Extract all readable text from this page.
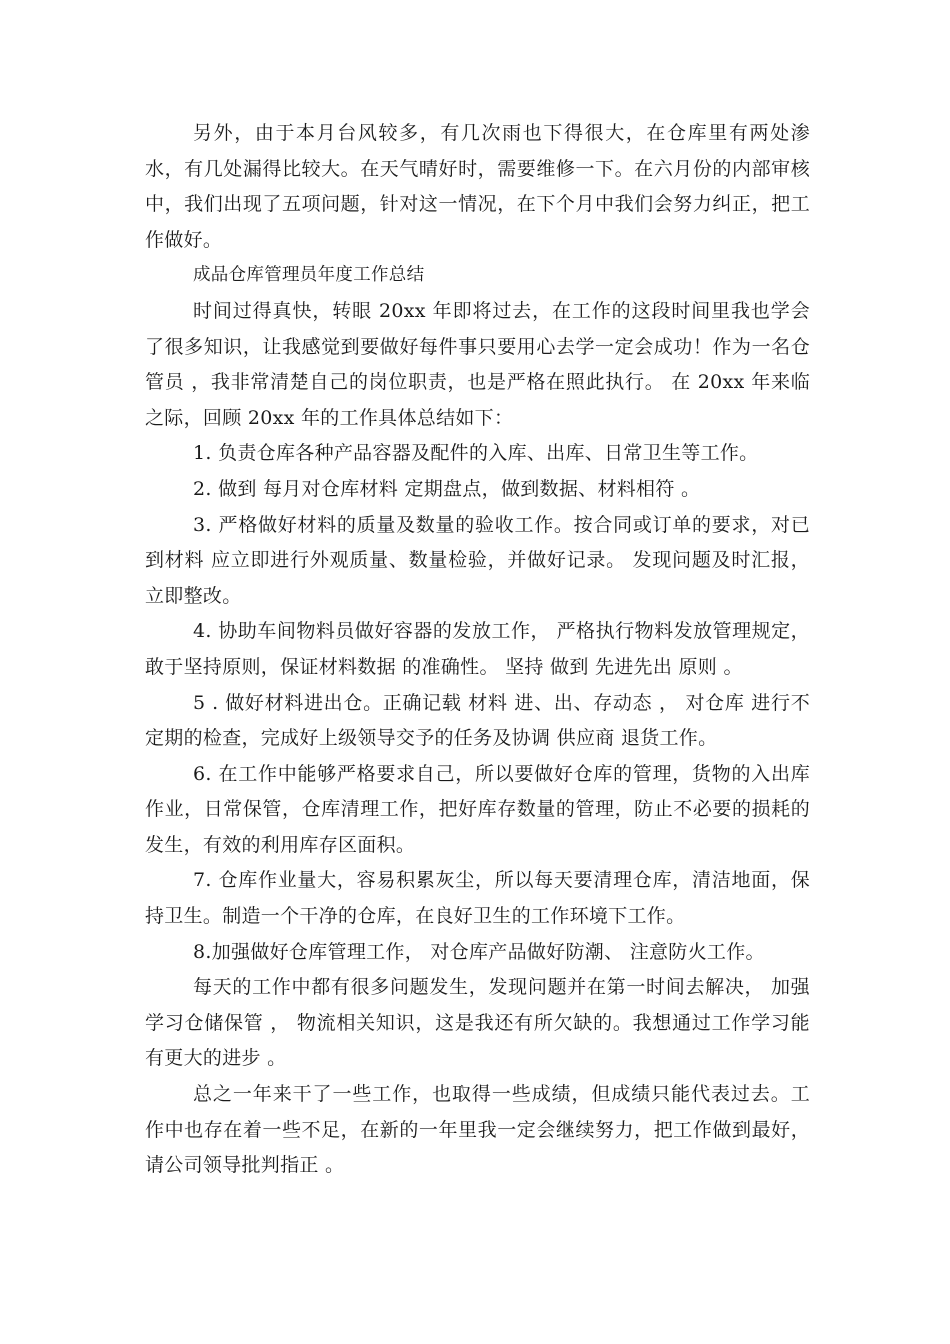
另外，由于本月台风较多，有几次雨也下得很大，在仓库里有两处渗水，有几处漏得比较大。在天气晴好时，需要维修一下。在六月份的内部审核中，我们出现了五项问题，针对这一情况，在下个月中我们会努力纠正，把工作做好。

成品仓库管理员年度工作总结

时间过得真快，转眼 20xx 年即将过去，在工作的这段时间里我也学会了很多知识，让我感觉到要做好每件事只要用心去学一定会成功！作为一名仓管员 ，我非常清楚自己的岗位职责，也是严格在照此执行。 在 20xx 年来临之际，回顾 20xx 年的工作具体总结如下：

1. 负责仓库各种产品容器及配件的入库、出库、日常卫生等工作。

2. 做到 每月对仓库材料 定期盘点，做到数据、材料相符 。

3. 严格做好材料的质量及数量的验收工作。按合同或订单的要求，对已到材料 应立即进行外观质量、数量检验，并做好记录。 发现问题及时汇报，立即整改。

4. 协助车间物料员做好容器的发放工作， 严格执行物料发放管理规定，敢于坚持原则，保证材料数据 的准确性。 坚持 做到 先进先出 原则 。

5 . 做好材料进出仓。正确记载 材料 进、出、存动态 ， 对仓库 进行不定期的检查，完成好上级领导交予的任务及协调 供应商 退货工作。

6. 在工作中能够严格要求自己，所以要做好仓库的管理，货物的入出库作业，日常保管，仓库清理工作，把好库存数量的管理，防止不必要的损耗的发生，有效的利用库存区面积。

7. 仓库作业量大，容易积累灰尘，所以每天要清理仓库，清洁地面，保持卫生。制造一个干净的仓库，在良好卫生的工作环境下工作。

8.加强做好仓库管理工作， 对仓库产品做好防潮、 注意防火工作。

每天的工作中都有很多问题发生，发现问题并在第一时间去解决， 加强学习仓储保管 ， 物流相关知识，这是我还有所欠缺的。我想通过工作学习能有更大的进步 。

总之一年来干了一些工作，也取得一些成绩，但成绩只能代表过去。工作中也存在着一些不足，在新的一年里我一定会继续努力，把工作做到最好，请公司领导批判指正 。
